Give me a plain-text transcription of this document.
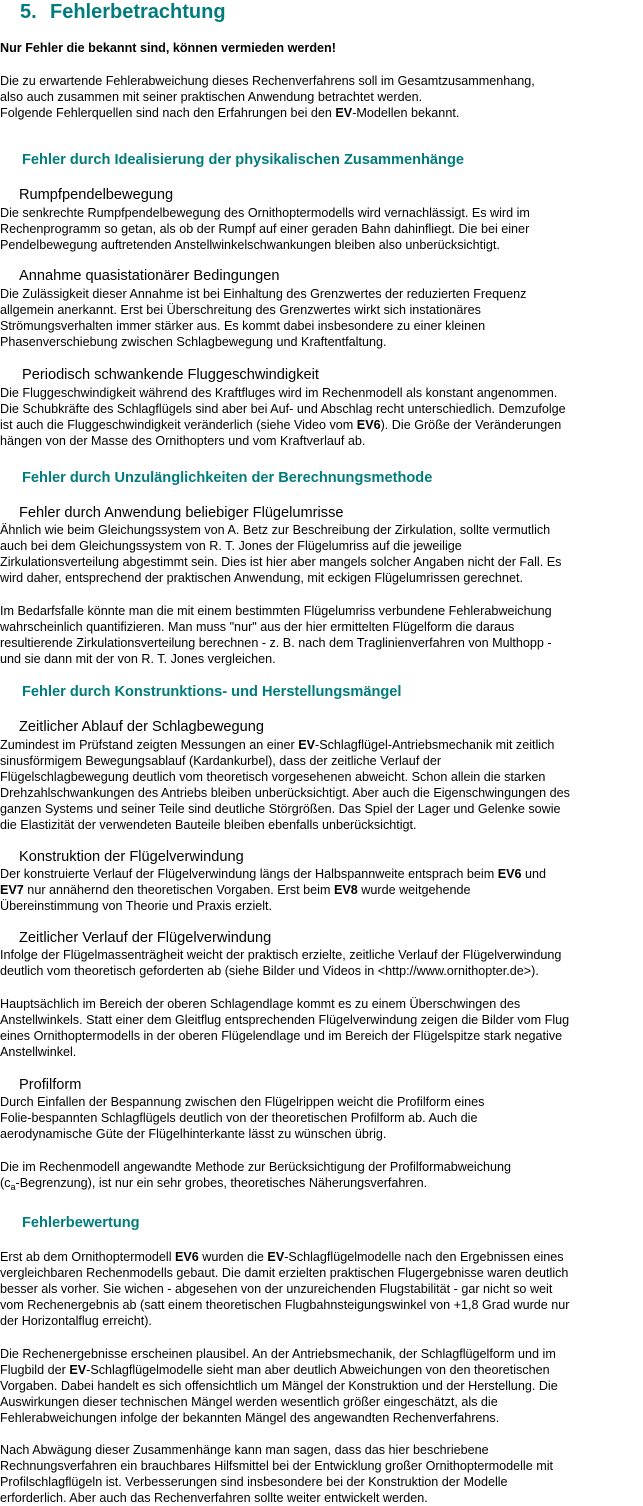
5. Fehlerbetrachtung
Nur Fehler die bekannt sind, können vermieden werden!
Die zu erwartende Fehlerabweichung dieses Rechenverfahrens soll im Gesamtzusammenhang,
also auch zusammen mit seiner praktischen Anwendung betrachtet werden.
Folgende Fehlerquellen sind nach den Erfahrungen bei den EV-Modellen bekannt.
Fehler durch Idealisierung der physikalischen Zusammenhänge
Rumpfpendelbewegung
Die senkrechte Rumpfpendelbewegung des Ornithoptermodells wird vernachlässigt. Es wird im
Rechenprogramm so getan, als ob der Rumpf auf einer geraden Bahn dahinfliegt. Die bei einer
Pendelbewegung auftretenden Anstellwinkelschwankungen bleiben also unberücksichtigt.
Annahme quasistationärer Bedingungen
Die Zulässigkeit dieser Annahme ist bei Einhaltung des Grenzwertes der reduzierten Frequenz
allgemein anerkannt. Erst bei Überschreitung des Grenzwertes wirkt sich instationäres
Strömungsverhalten immer stärker aus. Es kommt dabei insbesondere zu einer kleinen
Phasenverschiebung zwischen Schlagbewegung und Kraftentfaltung.
Periodisch schwankende Fluggeschwindigkeit
Die Fluggeschwindigkeit während des Kraftfluges wird im Rechenmodell als konstant angenommen.
Die Schubkräfte des Schlagflügels sind aber bei Auf- und Abschlag recht unterschiedlich. Demzufolge
ist auch die Fluggeschwindigkeit veränderlich (siehe Video vom EV6). Die Größe der Veränderungen
hängen von der Masse des Ornithopters und vom Kraftverlauf ab.
Fehler durch Unzulänglichkeiten der Berechnungsmethode
Fehler durch Anwendung beliebiger Flügelumrisse
Ähnlich wie beim Gleichungssystem von A. Betz zur Beschreibung der Zirkulation, sollte vermutlich
auch bei dem Gleichungssystem von R. T. Jones der Flügelumriss auf die jeweilige
Zirkulationsverteilung abgestimmt sein. Dies ist hier aber mangels solcher Angaben nicht der Fall. Es
wird daher, entsprechend der praktischen Anwendung, mit eckigen Flügelumrissen gerechnet.
Im Bedarfsfalle könnte man die mit einem bestimmten Flügelumriss verbundene Fehlerabweichung
wahrscheinlich quantifizieren. Man muss "nur" aus der hier ermittelten Flügelform die daraus
resultierende Zirkulationsverteilung berechnen - z. B. nach dem Traglinienverfahren von Multhopp -
und sie dann mit der von R. T. Jones vergleichen.
Fehler durch Konstrunktions- und Herstellungsmängel
Zeitlicher Ablauf der Schlagbewegung
Zumindest im Prüfstand zeigten Messungen an einer EV-Schlagflügel-Antriebsmechanik mit zeitlich
sinusförmigem Bewegungsablauf (Kardankurbel), dass der zeitliche Verlauf der
Flügelschlagbewegung deutlich vom theoretisch vorgesehenen abweicht. Schon allein die starken
Drehzahlschwankungen des Antriebs bleiben unberücksichtigt. Aber auch die Eigenschwingungen des
ganzen Systems und seiner Teile sind deutliche Störgrößen. Das Spiel der Lager und Gelenke sowie
die Elastizität der verwendeten Bauteile bleiben ebenfalls unberücksichtigt.
Konstruktion der Flügelverwindung
Der konstruierte Verlauf der Flügelverwindung längs der Halbspannweite entsprach beim EV6 und
EV7 nur annähernd den theoretischen Vorgaben. Erst beim EV8 wurde weitgehende
Übereinstimmung von Theorie und Praxis erzielt.
Zeitlicher Verlauf der Flügelverwindung
Infolge der Flügelmassenträgheit weicht der praktisch erzielte, zeitliche Verlauf der Flügelverwindung
deutlich vom theoretisch geforderten ab (siehe Bilder und Videos in <http://www.ornithopter.de>).
Hauptsächlich im Bereich der oberen Schlagendlage kommt es zu einem Überschwingen des
Anstellwinkels. Statt einer dem Gleitflug entsprechenden Flügelverwindung zeigen die Bilder vom Flug
eines Ornithoptermodells in der oberen Flügelendlage und im Bereich der Flügelspitze stark negative
Anstellwinkel.
Profilform
Durch Einfallen der Bespannung zwischen den Flügelrippen weicht die Profilform eines
Folie-bespannten Schlagflügels deutlich von der theoretischen Profilform ab. Auch die
aerodynamische Güte der Flügelhinterkante lässt zu wünschen übrig.
Die im Rechenmodell angewandte Methode zur Berücksichtigung der Profilformabweichung
$(c_a-Begrenzung)$, ist nur ein sehr grobes, theoretisches Näherungsverfahren.
Fehlerbewertung
Erst ab dem Ornithoptermodell EV6 wurden die EV-Schlagflügelmodelle nach den Ergebnissen eines
vergleichbaren Rechenmodells gebaut. Die damit erzielten praktischen Flugergebnisse waren deutlich
besser als vorher. Sie wichen - abgesehen von der unzureichenden Flugstabilität - gar nicht so weit
vom Rechenergebnis ab (satt einem theoretischen Flugbahnsteigungswinkel von +1,8 Grad wurde nur
der Horizontalflug erreicht).
Die Rechenergebnisse erscheinen plausibel. An der Antriebsmechanik, der Schlagflügelform und im
Flugbild der EV-Schlagflügelmodelle sieht man aber deutlich Abweichungen von den theoretischen
Vorgaben. Dabei handelt es sich offensichtlich um Mängel der Konstruktion und der Herstellung. Die
Auswirkungen dieser technischen Mängel werden wesentlich größer eingeschätzt, als die
Fehlerabweichungen infolge der bekannten Mängel des angewandten Rechenverfahrens.
Nach Abwägung dieser Zusammenhänge kann man sagen, dass das hier beschriebene
Rechnungsverfahren ein brauchbares Hilfsmittel bei der Entwicklung großer Ornithoptermodelle mit
Profilschlagflügeln ist. Verbesserungen sind insbesondere bei der Konstruktion der Modelle
erforderlich. Aber auch das Rechenverfahren sollte weiter entwickelt werden.
